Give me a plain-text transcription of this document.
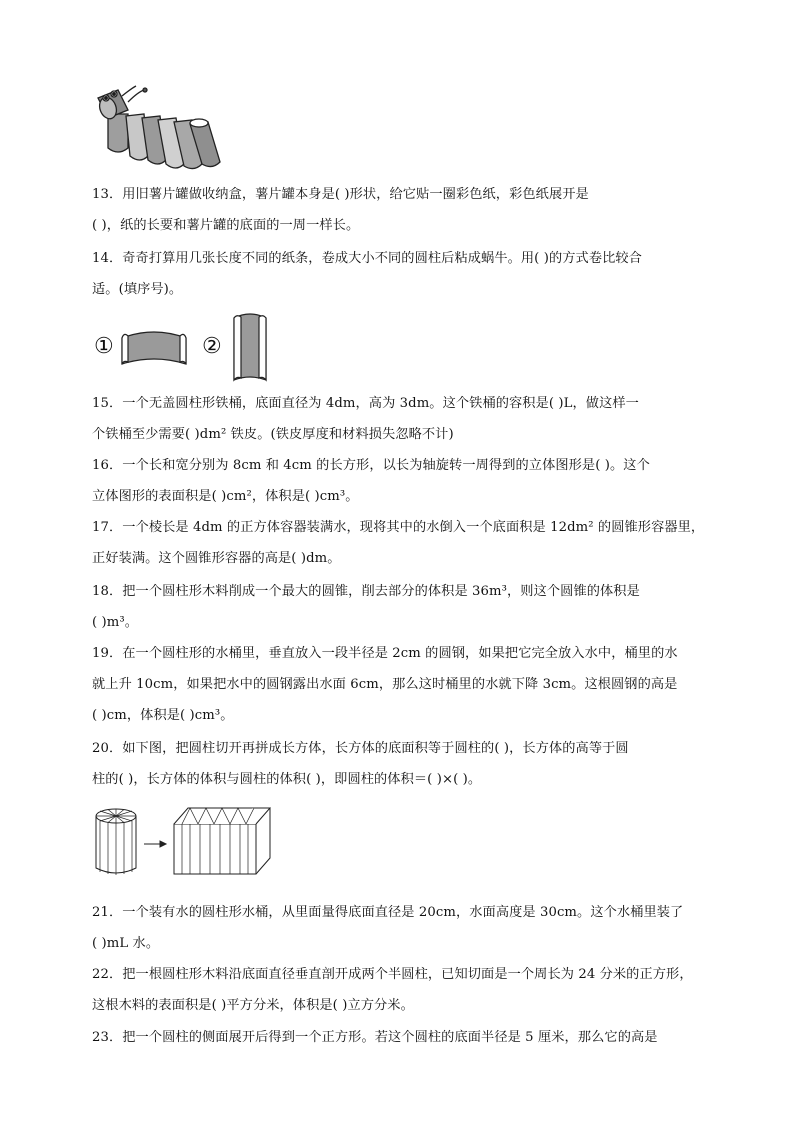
13．用旧薯片罐做收纳盒，薯片罐本身是( )形状，给它贴一圈彩色纸，彩色纸展开是
( )，纸的长要和薯片罐的底面的一周一样长。
14．奇奇打算用几张长度不同的纸条，卷成大小不同的圆柱后粘成蜗牛。用( )的方式卷比较合
适。(填序号)。
①	②
15．一个无盖圆柱形铁桶，底面直径为 4dm，高为 3dm。这个铁桶的容积是( )L，做这样一
个铁桶至少需要( )dm² 铁皮。(铁皮厚度和材料损失忽略不计)
16．一个长和宽分别为 8cm 和 4cm 的长方形，以长为轴旋转一周得到的立体图形是( )。这个
立体图形的表面积是( )cm²，体积是( )cm³。
17．一个棱长是 4dm 的正方体容器装满水，现将其中的水倒入一个底面积是 12dm² 的圆锥形容器里，
正好装满。这个圆锥形容器的高是( )dm。
18．把一个圆柱形木料削成一个最大的圆锥，削去部分的体积是 36m³，则这个圆锥的体积是
( )m³。
19．在一个圆柱形的水桶里，垂直放入一段半径是 2cm 的圆钢，如果把它完全放入水中，桶里的水
就上升 10cm，如果把水中的圆钢露出水面 6cm，那么这时桶里的水就下降 3cm。这根圆钢的高是
( )cm，体积是( )cm³。
20．如下图，把圆柱切开再拼成长方体，长方体的底面积等于圆柱的( )，长方体的高等于圆
柱的( )，长方体的体积与圆柱的体积( )，即圆柱的体积＝( )×( )。
21．一个装有水的圆柱形水桶，从里面量得底面直径是 20cm，水面高度是 30cm。这个水桶里装了
( )mL 水。
22．把一根圆柱形木料沿底面直径垂直剖开成两个半圆柱，已知切面是一个周长为 24 分米的正方形，
这根木料的表面积是( )平方分米，体积是( )立方分米。
23．把一个圆柱的侧面展开后得到一个正方形。若这个圆柱的底面半径是 5 厘米，那么它的高是
